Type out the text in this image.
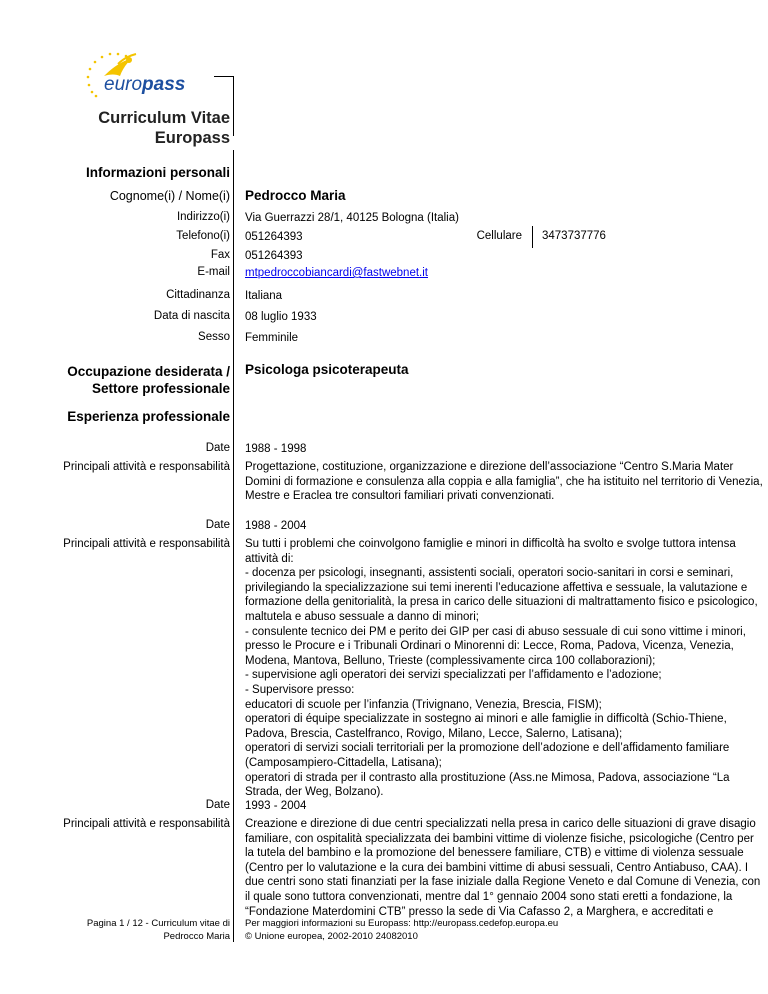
europass
Curriculum Vitae
Europass
Informazioni personali
Cognome(i) / Nome(i) Pedrocco Maria
Indirizzo(i) Via Guerrazzi 28/1, 40125 Bologna (Italia)
Telefono(i) 051264393	Cellulare 3473737776
Fax 051264393
E-mail mtpedroccobiancardi@fastwebnet.it
Cittadinanza Italiana
Data di nascita 08 luglio 1933
Sesso Femminile
Occupazione desiderata /
Settore professionale
Psicologa psicoterapeuta
Esperienza professionale
Date 1988 - 1998
Principali attività e responsabilità Progettazione, costituzione, organizzazione e direzione dell’associazione “Centro S.Maria Mater
Domini di formazione e consulenza alla coppia e alla famiglia”, che ha istituito nel territorio di Venezia,
Mestre e Eraclea tre consultori familiari privati convenzionati.
Date 1988 - 2004
Principali attività e responsabilità Su tutti i problemi che coinvolgono famiglie e minori in difficoltà ha svolto e svolge tuttora intensa
attività di:
- docenza per psicologi, insegnanti, assistenti sociali, operatori socio-sanitari in corsi e seminari,
privilegiando la specializzazione sui temi inerenti l’educazione affettiva e sessuale, la valutazione e
formazione della genitorialità, la presa in carico delle situazioni di maltrattamento fisico e psicologico,
maltutela e abuso sessuale a danno di minori;
- consulente tecnico dei PM e perito dei GIP per casi di abuso sessuale di cui sono vittime i minori,
presso le Procure e i Tribunali Ordinari o Minorenni di: Lecce, Roma, Padova, Vicenza, Venezia,
Modena, Mantova, Belluno, Trieste (complessivamente circa 100 collaborazioni);
- supervisione agli operatori dei servizi specializzati per l’affidamento e l’adozione;
- Supervisore presso:
educatori di scuole per l’infanzia (Trivignano, Venezia, Brescia, FISM);
operatori di équipe specializzate in sostegno ai minori e alle famiglie in difficoltà (Schio-Thiene,
Padova, Brescia, Castelfranco, Rovigo, Milano, Lecce, Salerno, Latisana);
operatori di servizi sociali territoriali per la promozione dell’adozione e dell’affidamento familiare
(Camposampiero-Cittadella, Latisana);
operatori di strada per il contrasto alla prostituzione (Ass.ne Mimosa, Padova, associazione “La
Strada, der Weg, Bolzano).
Date 1993 - 2004
Principali attività e responsabilità Creazione e direzione di due centri specializzati nella presa in carico delle situazioni di grave disagio
familiare, con ospitalità specializzata dei bambini vittime di violenze fisiche, psicologiche (Centro per
la tutela del bambino e la promozione del benessere familiare, CTB) e vittime di violenza sessuale
(Centro per lo valutazione e la cura dei bambini vittime di abusi sessuali, Centro Antiabuso, CAA). I
due centri sono stati finanziati per la fase iniziale dalla Regione Veneto e dal Comune di Venezia, con
il quale sono tuttora convenzionati, mentre dal 1° gennaio 2004 sono stati eretti a fondazione, la
“Fondazione Materdomini CTB” presso la sede di Via Cafasso 2, a Marghera, e accreditati e
Pagina 1 / 12 - Curriculum vitae di
Pedrocco Maria
Per maggiori informazioni su Europass: http://europass.cedefop.europa.eu
© Unione europea, 2002-2010 24082010
